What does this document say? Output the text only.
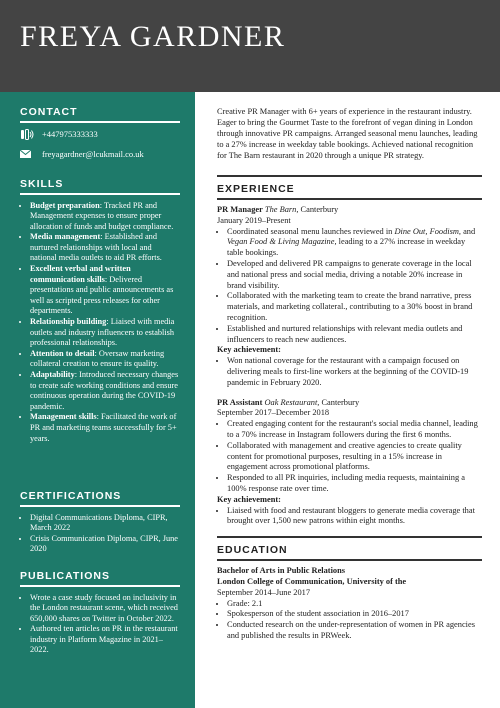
FREYA GARDNER
CONTACT
+447975333333
freyagardner@lcukmail.co.uk
SKILLS
• Budget preparation: Tracked PR and Management expenses to ensure proper allocation of funds and budget compliance.
• Media management: Established and nurtured relationships with local and national media outlets to aid PR efforts.
• Excellent verbal and written communication skills: Delivered presentations and public announcements as well as scripted press releases for other departments.
• Relationship building: Liaised with media outlets and industry influencers to establish professional relationships.
• Attention to detail: Oversaw marketing collateral creation to ensure its quality.
• Adaptability: Introduced necessary changes to create safe working conditions and ensure continuous operation during the COVID-19 pandemic.
• Management skills: Facilitated the work of PR and marketing teams successfully for 5+ years.
CERTIFICATIONS
• Digital Communications Diploma, CIPR, March 2022
• Crisis Communication Diploma, CIPR, June 2020
PUBLICATIONS
• Wrote a case study focused on inclusivity in the London restaurant scene, which received 650,000 shares on Twitter in October 2022.
• Authored ten articles on PR in the restaurant industry in Platform Magazine in 2021–2022.

Creative PR Manager with 6+ years of experience in the restaurant industry. Eager to bring the Gourmet Taste to the forefront of vegan dining in London through innovative PR campaigns. Arranged seasonal menu launches, leading to a 27% increase in weekday table bookings. Achieved national recognition for The Barn restaurant in 2020 through a unique PR strategy.

EXPERIENCE

PR Manager The Barn, Canterbury

January 2019–Present

• Coordinated seasonal menu launches reviewed in Dine Out, Foodism, and Vegan Food & Living Magazine, leading to a 27% increase in weekday table bookings.
• Developed and delivered PR campaigns to generate coverage in the local and national press and social media, driving a notable 20% increase in brand visibility.
• Collaborated with the marketing team to create the brand narrative, press materials, and marketing collateral., contributing to a 30% boost in brand recognition.
• Established and nurtured relationships with relevant media outlets and influencers to reach new audiences.

Key achievement:

• Won national coverage for the restaurant with a campaign focused on delivering meals to first-line workers at the beginning of the COVID-19 pandemic in February 2020.

PR Assistant Oak Restaurant, Canterbury

September 2017–December 2018

• Created engaging content for the restaurant's social media channel, leading to a 70% increase in Instagram followers during the first 6 months.
• Collaborated with management and creative agencies to create quality content for promotional purposes, resulting in a 15% increase in engagement across promotional platforms.
• Responded to all PR inquiries, including media requests, maintaining a 100% response rate over time.

Key achievement:

• Liaised with food and restaurant bloggers to generate media coverage that brought over 1,500 new patrons within eight months.
EDUCATION

Bachelor of Arts in Public Relations

London College of Communication, University of the

September 2014–June 2017

• Grade: 2.1
• Spokesperson of the student association in 2016–2017
• Conducted research on the under-representation of women in PR agencies and published the results in PRWeek.
